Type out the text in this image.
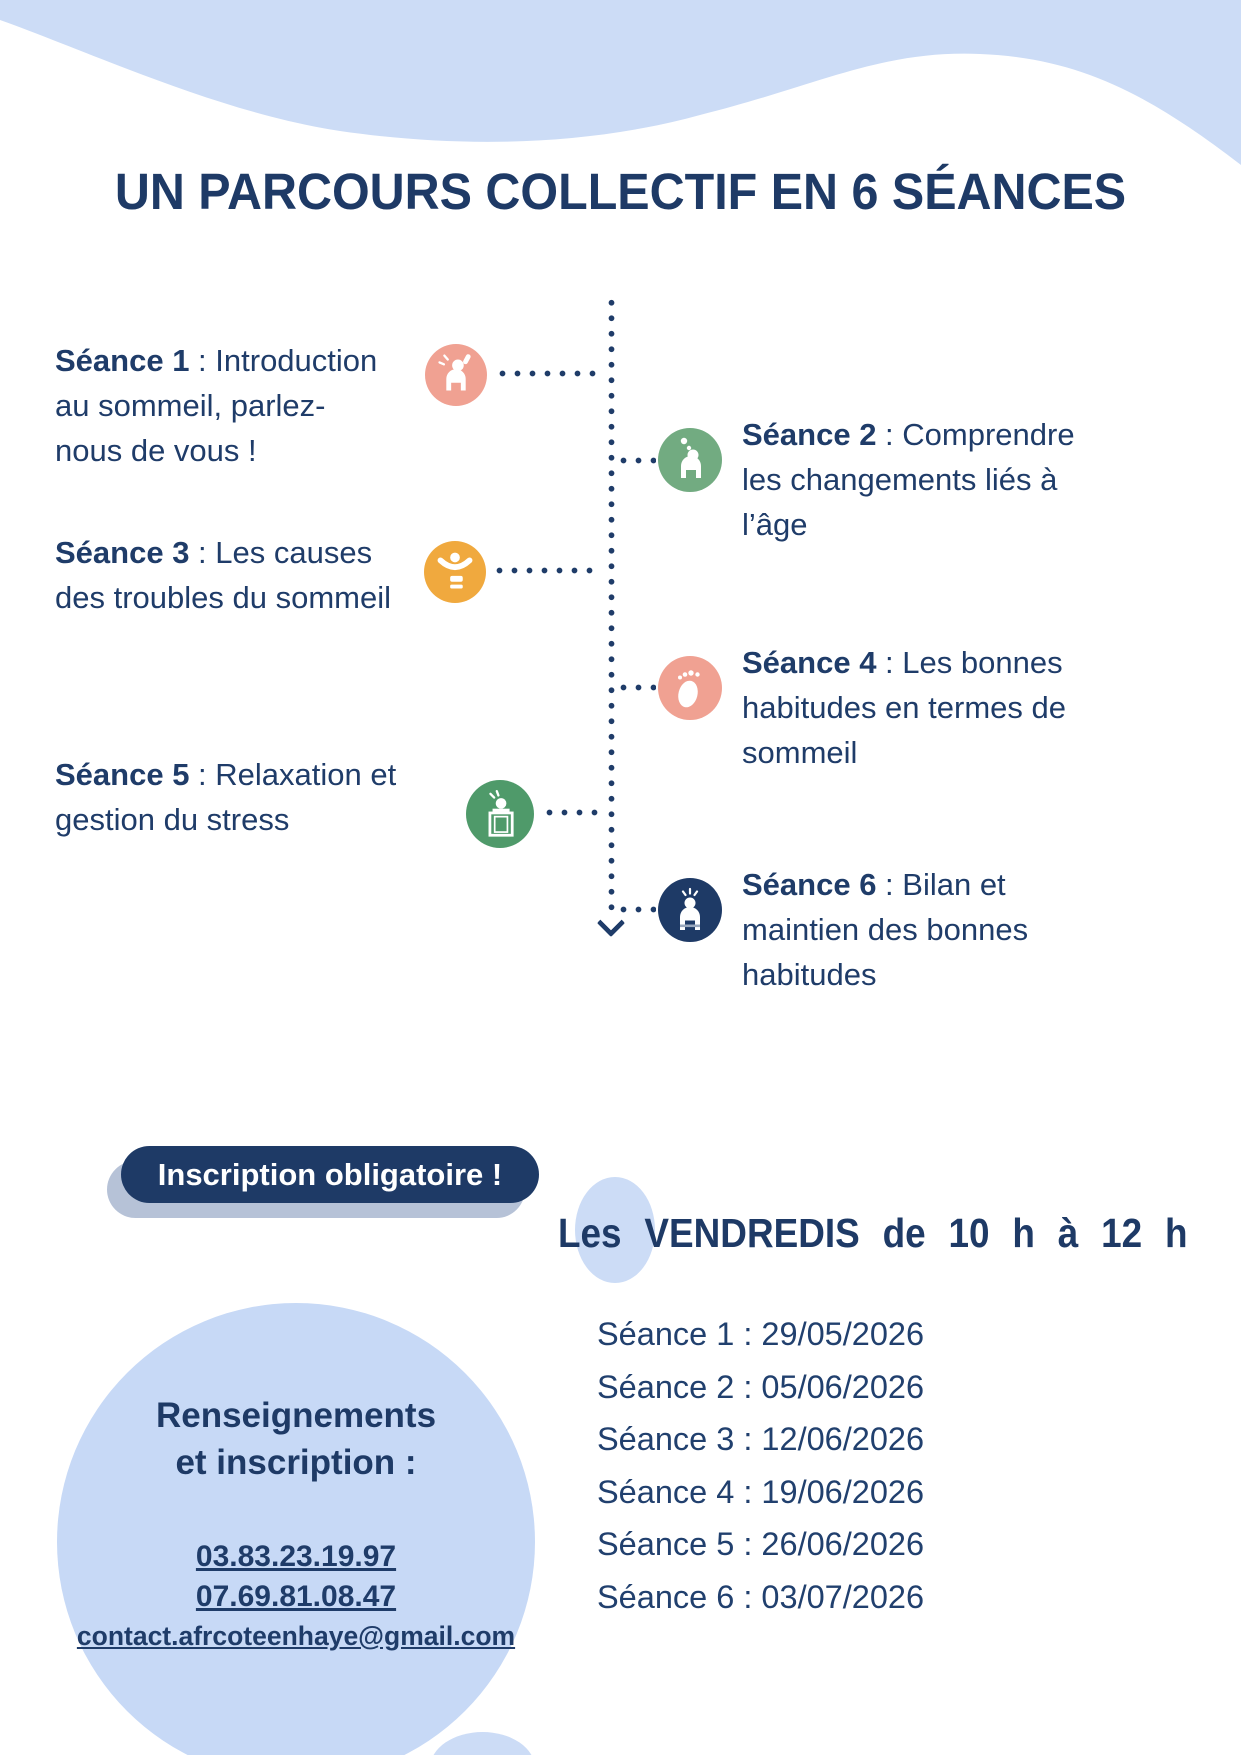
UN PARCOURS COLLECTIF EN 6 SÉANCES

Séance 1 : Introduction

au sommeil, parlez-

nous de vous !	Séance 2 : Comprendre

les changements liés à

l’âge

Séance 3 : Les causes

des troubles du sommeil

Séance 4 : Les bonnes

habitudes en termes de

sommeil

Séance 5 : Relaxation et

gestion du stress

Séance 6 : Bilan et

maintien des bonnes

habitudes

Inscription obligatoire !
Les VENDREDIS de 10 h à 12 h

Séance 1 : 29/05/2026

Séance 2 : 05/06/2026

Séance 3 : 12/06/2026

Séance 4 : 19/06/2026

Séance 5 : 26/06/2026

Séance 6 : 03/07/2026

Renseignements

et inscription :

03.83.23.19.97
07.69.81.08.47
contact.afrcoteenhaye@gmail.com
